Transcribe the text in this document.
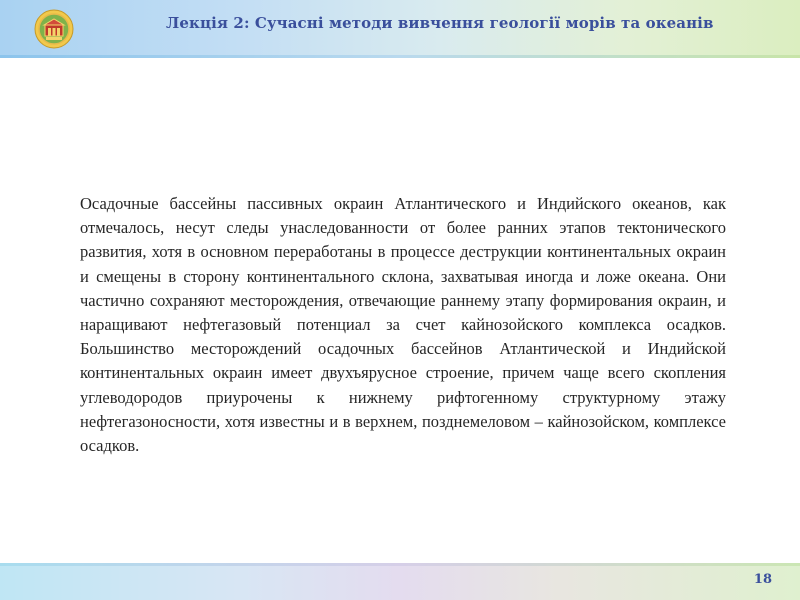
Лекція 2: Сучасні методи вивчення геології морів та океанів

Осадочные бассейны пассивных окраин Атлантического и Индийского океанов, как отмечалось, несут следы унаследованности от более ранних этапов тектонического развития, хотя в основном переработаны в процессе деструкции континентальных окраин и смещены в сторону континентального склона, захватывая иногда и ложе океана. Они частично сохраняют месторождения, отвечающие раннему этапу формирования окраин, и наращивают нефтегазовый потенциал за счет кайнозойского комплекса осадков. Большинство месторождений осадочных бассейнов Атлантической и Индийской континентальных окраин имеет двухъярусное строение, причем чаще всего скопления углеводородов приурочены к нижнему рифтогенному структурному этажу нефтегазоносности, хотя известны и в верхнем, позднемеловом – кайнозойском, комплексе осадков.

18
